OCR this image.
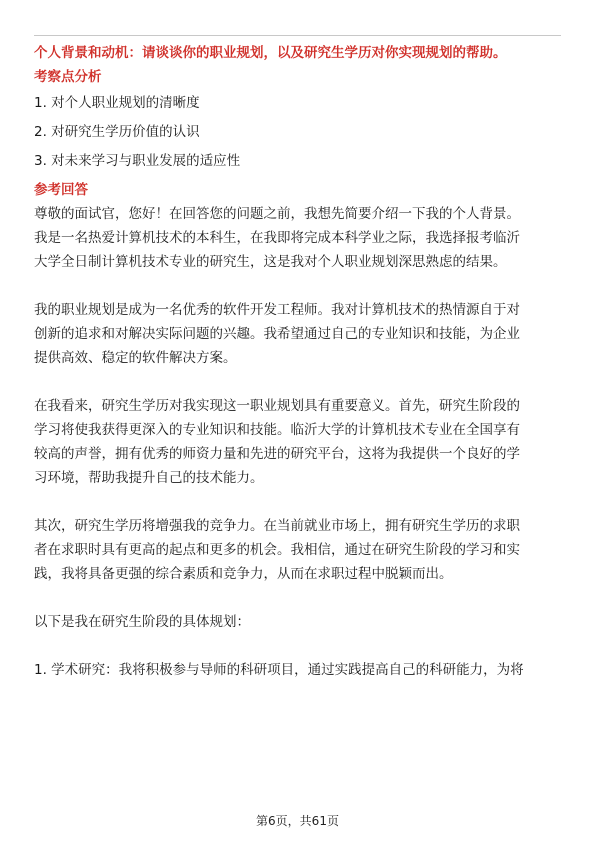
个人背景和动机：请谈谈你的职业规划，以及研究生学历对你实现规划的帮助。

考察点分析

1. 对个人职业规划的清晰度
2. 对研究生学历价值的认识
3. 对未来学习与职业发展的适应性

参考回答

尊敬的面试官，您好！在回答您的问题之前，我想先简要介绍一下我的个人背景。
我是一名热爱计算机技术的本科生，在我即将完成本科学业之际，我选择报考临沂
大学全日制计算机技术专业的研究生，这是我对个人职业规划深思熟虑的结果。

我的职业规划是成为一名优秀的软件开发工程师。我对计算机技术的热情源自于对
创新的追求和对解决实际问题的兴趣。我希望通过自己的专业知识和技能，为企业
提供高效、稳定的软件解决方案。

在我看来，研究生学历对我实现这一职业规划具有重要意义。首先，研究生阶段的
学习将使我获得更深入的专业知识和技能。临沂大学的计算机技术专业在全国享有
较高的声誉，拥有优秀的师资力量和先进的研究平台，这将为我提供一个良好的学
习环境，帮助我提升自己的技术能力。

其次，研究生学历将增强我的竞争力。在当前就业市场上，拥有研究生学历的求职
者在求职时具有更高的起点和更多的机会。我相信，通过在研究生阶段的学习和实
践，我将具备更强的综合素质和竞争力，从而在求职过程中脱颖而出。

以下是我在研究生阶段的具体规划：

1. 学术研究：我将积极参与导师的科研项目，通过实践提高自己的科研能力，为将

第6页，共61页
